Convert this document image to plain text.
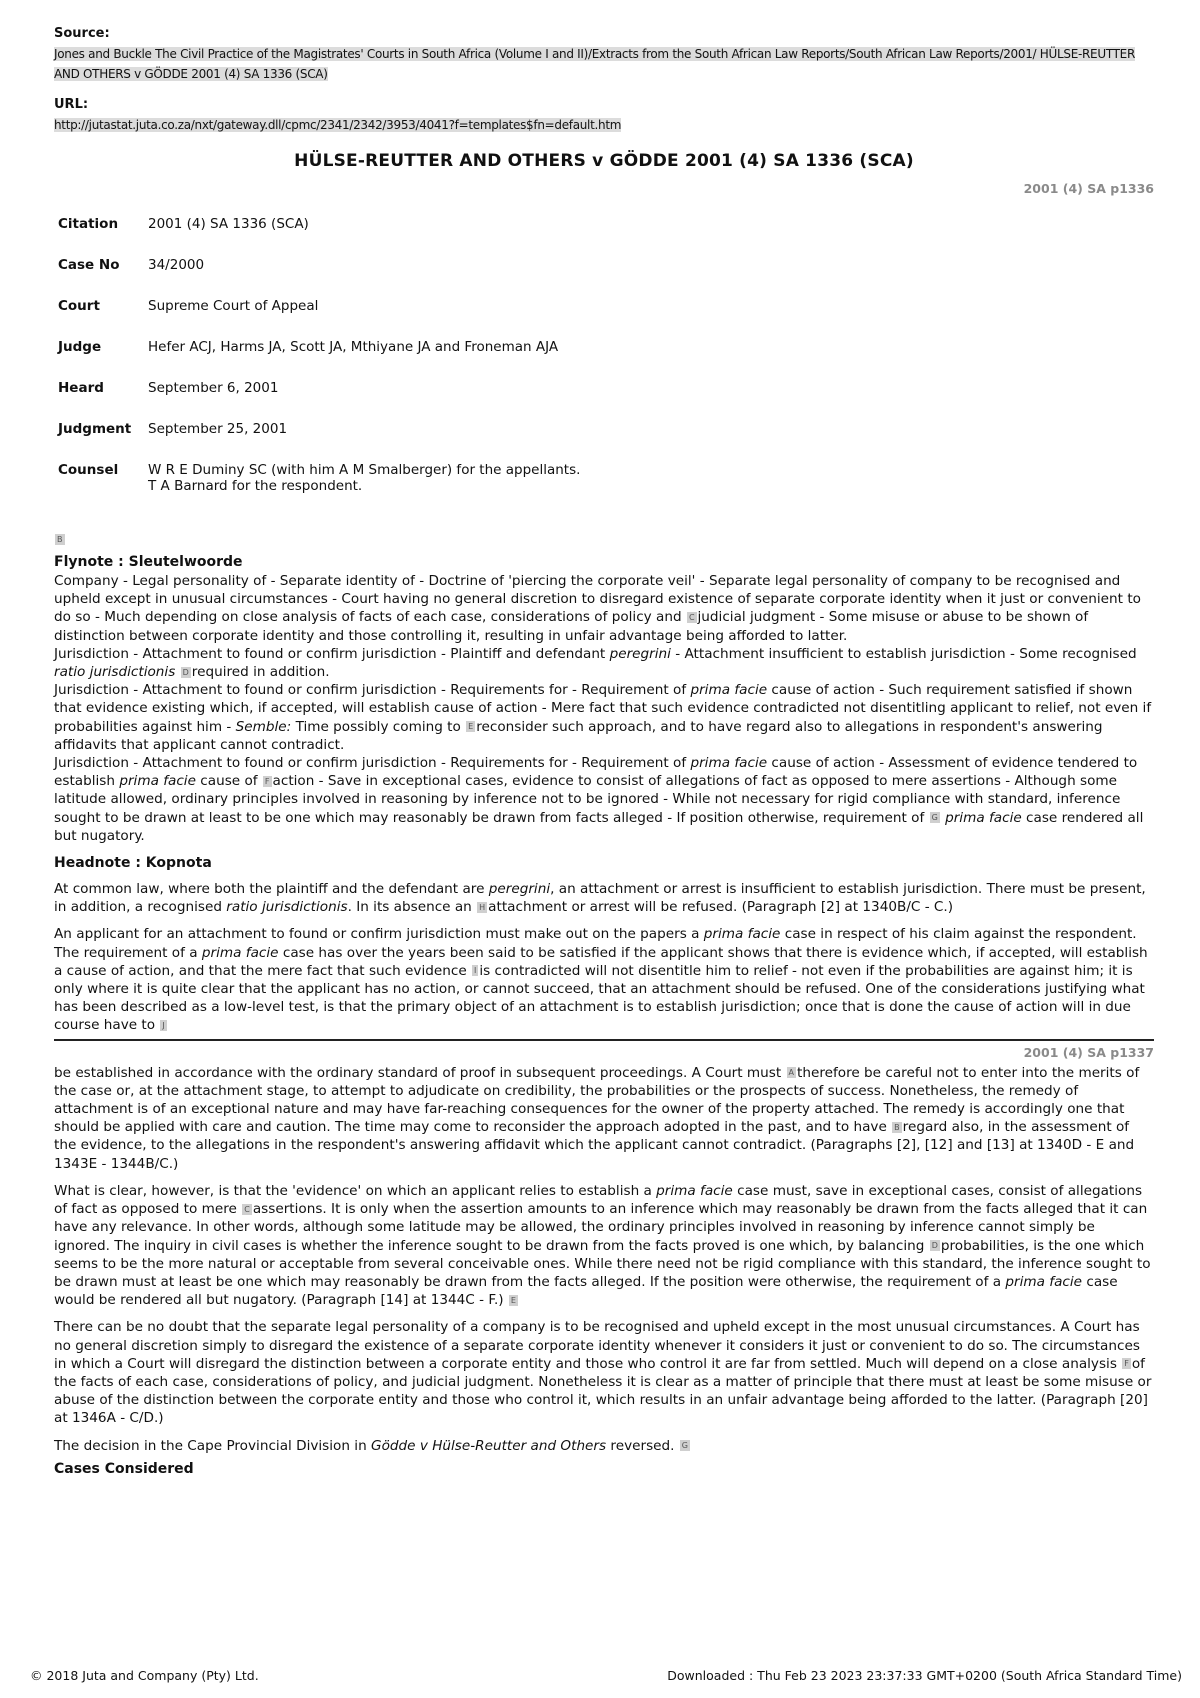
Source:

Jones and Buckle The Civil Practice of the Magistrates' Courts in South Africa (Volume I and II)/Extracts from the South African Law Reports/South African Law Reports/2001/ HÜLSE-REUTTER AND OTHERS v GÖDDE 2001 (4) SA 1336 (SCA)

URL:

http://jutastat.juta.co.za/nxt/gateway.dll/cpmc/2341/2342/3953/4041?f=templates$fn=default.htm

HÜLSE-REUTTER AND OTHERS v GÖDDE 2001 (4) SA 1336 (SCA)

2001 (4) SA p1336

Citation	2001 (4) SA 1336 (SCA)
Case No	34/2000
Court	Supreme Court of Appeal
Judge	Hefer ACJ, Harms JA, Scott JA, Mthiyane JA and Froneman AJA
Heard	September 6, 2001
Judgment	September 25, 2001
Counsel	W R E Duminy SC (with him A M Smalberger) for the appellants.
T A Barnard for the respondent.
B

Flynote : Sleutelwoorde

Company - Legal personality of - Separate identity of - Doctrine of 'piercing the corporate veil' - Separate legal personality of company to be recognised and upheld except in unusual circumstances - Court having no general discretion to disregard existence of separate corporate identity when it just or convenient to do so - Much depending on close analysis of facts of each case, considerations of policy and C judicial judgment - Some misuse or abuse to be shown of distinction between corporate identity and those controlling it, resulting in unfair advantage being afforded to latter.

Jurisdiction - Attachment to found or confirm jurisdiction - Plaintiff and defendant peregrini - Attachment insufficient to establish jurisdiction - Some recognised ratio jurisdictionis D required in addition.

Jurisdiction - Attachment to found or confirm jurisdiction - Requirements for - Requirement of prima facie cause of action - Such requirement satisfied if shown that evidence existing which, if accepted, will establish cause of action - Mere fact that such evidence contradicted not disentitling applicant to relief, not even if probabilities against him - Semble: Time possibly coming to E reconsider such approach, and to have regard also to allegations in respondent's answering affidavits that applicant cannot contradict.

Jurisdiction - Attachment to found or confirm jurisdiction - Requirements for - Requirement of prima facie cause of action - Assessment of evidence tendered to establish prima facie cause of F action - Save in exceptional cases, evidence to consist of allegations of fact as opposed to mere assertions - Although some latitude allowed, ordinary principles involved in reasoning by inference not to be ignored - While not necessary for rigid compliance with standard, inference sought to be drawn at least to be one which may reasonably be drawn from facts alleged - If position otherwise, requirement of G prima facie case rendered all but nugatory.

Headnote : Kopnota

At common law, where both the plaintiff and the defendant are peregrini, an attachment or arrest is insufficient to establish jurisdiction. There must be present, in addition, a recognised ratio jurisdictionis. In its absence an H attachment or arrest will be refused. (Paragraph [2] at 1340B/C - C.)

An applicant for an attachment to found or confirm jurisdiction must make out on the papers a prima facie case in respect of his claim against the respondent. The requirement of a prima facie case has over the years been said to be satisfied if the applicant shows that there is evidence which, if accepted, will establish a cause of action, and that the mere fact that such evidence I is contradicted will not disentitle him to relief - not even if the probabilities are against him; it is only where it is quite clear that the applicant has no action, or cannot succeed, that an attachment should be refused. One of the considerations justifying what has been described as a low-level test, is that the primary object of an attachment is to establish jurisdiction; once that is done the cause of action will in due course have to J

2001 (4) SA p1337

be established in accordance with the ordinary standard of proof in subsequent proceedings. A Court must A therefore be careful not to enter into the merits of the case or, at the attachment stage, to attempt to adjudicate on credibility, the probabilities or the prospects of success. Nonetheless, the remedy of attachment is of an exceptional nature and may have far-reaching consequences for the owner of the property attached. The remedy is accordingly one that should be applied with care and caution. The time may come to reconsider the approach adopted in the past, and to have B regard also, in the assessment of the evidence, to the allegations in the respondent's answering affidavit which the applicant cannot contradict. (Paragraphs [2], [12] and [13] at 1340D - E and 1343E - 1344B/C.)

What is clear, however, is that the 'evidence' on which an applicant relies to establish a prima facie case must, save in exceptional cases, consist of allegations of fact as opposed to mere C assertions. It is only when the assertion amounts to an inference which may reasonably be drawn from the facts alleged that it can have any relevance. In other words, although some latitude may be allowed, the ordinary principles involved in reasoning by inference cannot simply be ignored. The inquiry in civil cases is whether the inference sought to be drawn from the facts proved is one which, by balancing D probabilities, is the one which seems to be the more natural or acceptable from several conceivable ones. While there need not be rigid compliance with this standard, the inference sought to be drawn must at least be one which may reasonably be drawn from the facts alleged. If the position were otherwise, the requirement of a prima facie case would be rendered all but nugatory. (Paragraph [14] at 1344C - F.) E

There can be no doubt that the separate legal personality of a company is to be recognised and upheld except in the most unusual circumstances. A Court has no general discretion simply to disregard the existence of a separate corporate identity whenever it considers it just or convenient to do so. The circumstances in which a Court will disregard the distinction between a corporate entity and those who control it are far from settled. Much will depend on a close analysis F of the facts of each case, considerations of policy, and judicial judgment. Nonetheless it is clear as a matter of principle that there must at least be some misuse or abuse of the distinction between the corporate entity and those who control it, which results in an unfair advantage being afforded to the latter. (Paragraph [20] at 1346A - C/D.)

The decision in the Cape Provincial Division in Gödde v Hülse-Reutter and Others reversed. G

Cases Considered

© 2018 Juta and Company (Pty) Ltd.	Downloaded : Thu Feb 23 2023 23:37:33 GMT+0200 (South Africa Standard Time)
